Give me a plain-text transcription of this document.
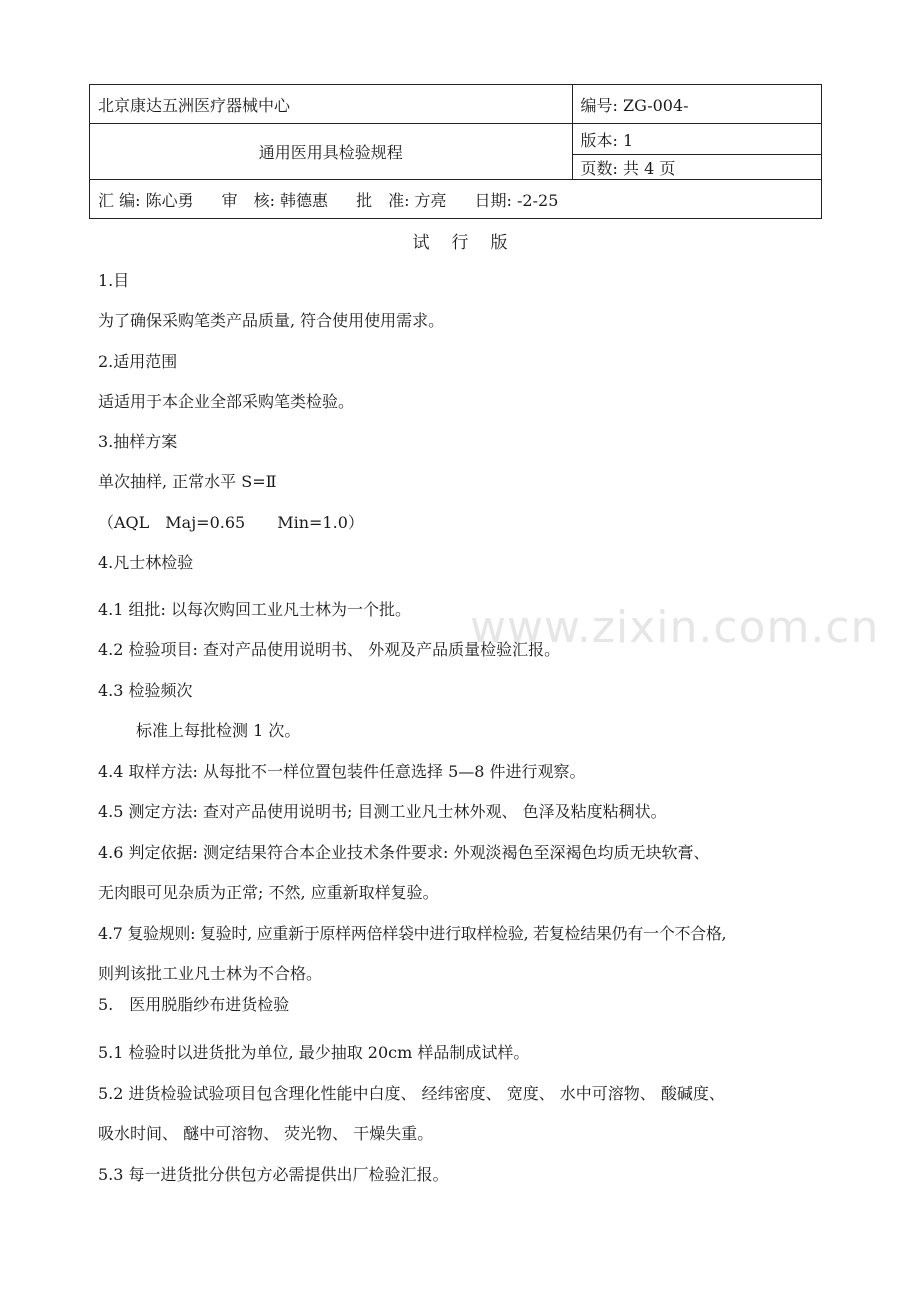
北京康达五洲医疗器械中心	编号: ZG-004-
通用医用具检验规程	版本: 1
	页数: 共 4 页
汇 编: 陈心勇 审　核: 韩德惠 批　准: 方亮 日期: -2-25	
试行版
1.目
为了确保采购笔类产品质量, 符合使用使用需求。
2.适用范围
适适用于本企业全部采购笔类检验。
3.抽样方案
单次抽样, 正常水平 S=Ⅱ
（AQL　Maj=0.65　　Min=1.0）
4.凡士林检验
4.1 组批: 以每次购回工业凡士林为一个批。
4.2 检验项目: 查对产品使用说明书、 外观及产品质量检验汇报。
4.3 检验频次
标准上每批检测 1 次。
4.4 取样方法: 从每批不一样位置包装件任意选择 5—8 件进行观察。
4.5 测定方法: 查对产品使用说明书; 目测工业凡士林外观、 色泽及粘度粘稠状。
4.6 判定依据: 测定结果符合本企业技术条件要求: 外观淡褐色至深褐色均质无块软膏、
无肉眼可见杂质为正常; 不然, 应重新取样复验。
4.7 复验规则: 复验时, 应重新于原样两倍样袋中进行取样检验, 若复检结果仍有一个不合格,
则判该批工业凡士林为不合格。
5.　医用脱脂纱布进货检验
5.1 检验时以进货批为单位, 最少抽取 20cm 样品制成试样。
5.2 进货检验试验项目包含理化性能中白度、 经纬密度、 宽度、 水中可溶物、 酸碱度、
吸水时间、 醚中可溶物、 荧光物、 干燥失重。
5.3 每一进货批分供包方必需提供出厂检验汇报。
www.zixin.com.cn
